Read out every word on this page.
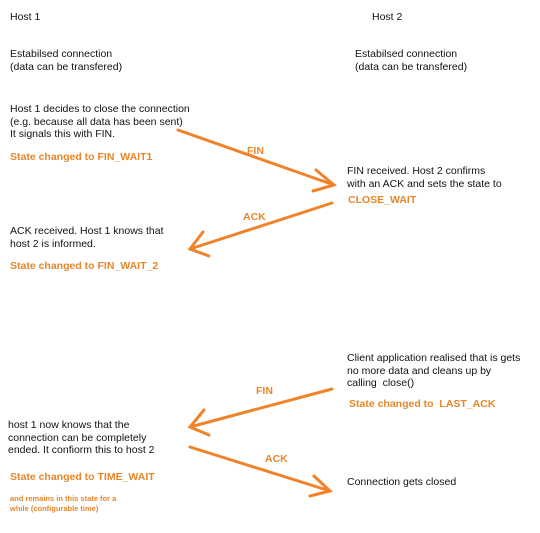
Host 1
Estabilsed connection
(data can be transfered)
Host 1 decides to close the connection
(e.g. because all data has been sent)
It signals this with FIN.
State changed to FIN_WAIT1
ACK received. Host 1 knows that
host 2 is informed.
State changed to FIN_WAIT_2
host 1 now knows that the
connection can be completely
ended. It confiorm this to host 2
State changed to TIME_WAIT
and remains in this state for a
while (configurable time)
Host 2
Estabilsed connection
(data can be transfered)
FIN received. Host 2 confirms
with an ACK and sets the state to
CLOSE_WAIT
Client application realised that is gets
no more data and cleans up by
calling  close()
State changed to  LAST_ACK
Connection gets closed
FIN
ACK
FIN
ACK
